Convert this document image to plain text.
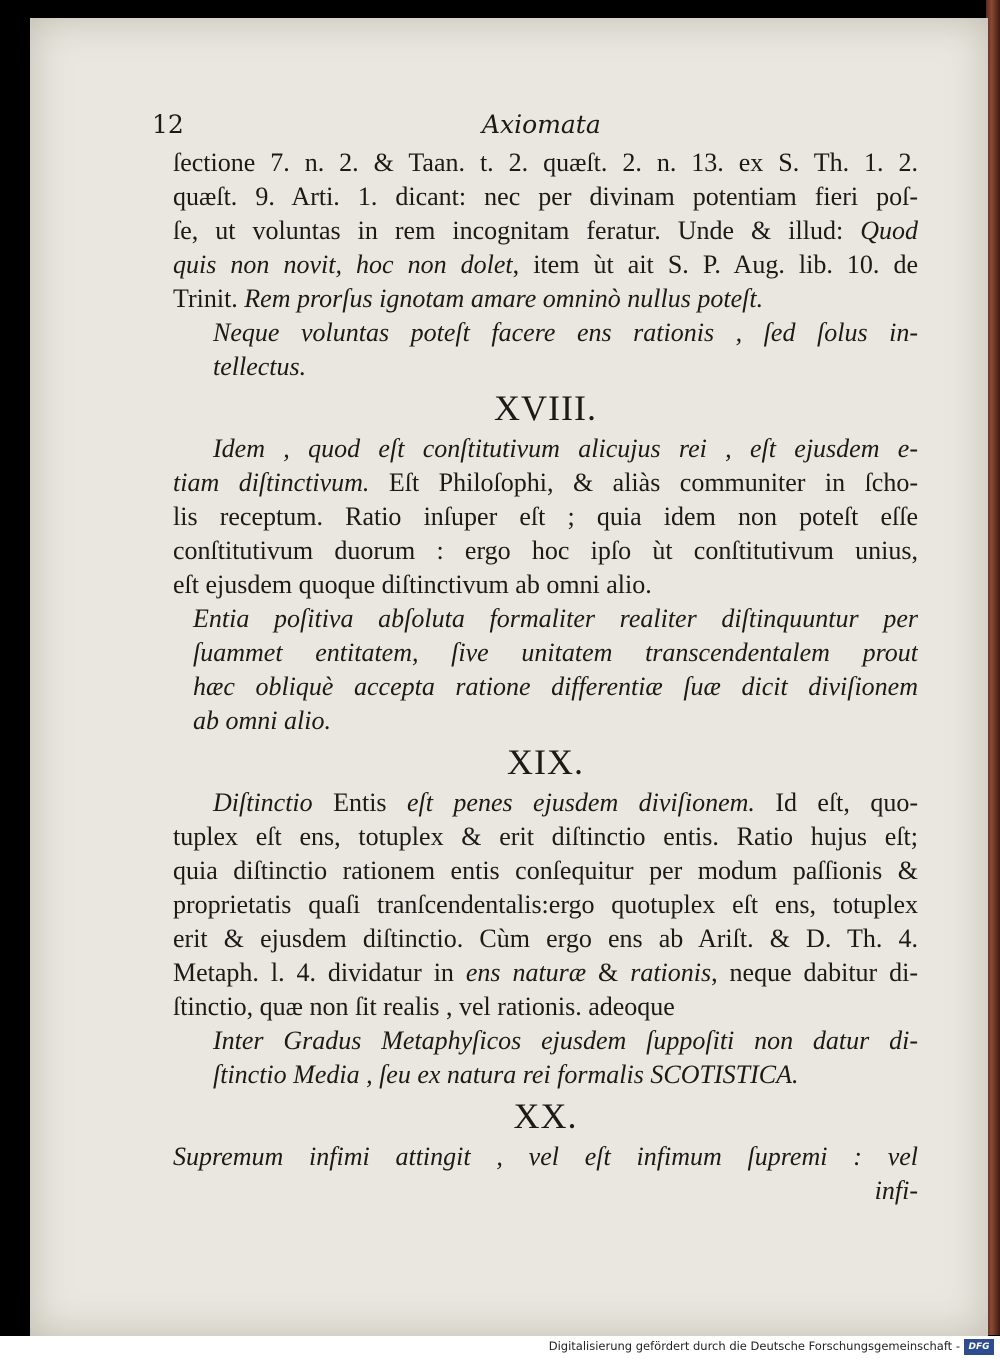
12	Axiomata
ſectione 7. n. 2. & Taan. t. 2. quæſt. 2. n. 13. ex S. Th. 1. 2.
quæſt. 9. Arti. 1. dicant: nec per divinam potentiam fieri poſ-
ſe, ut voluntas in rem incognitam feratur. Unde & illud: Quod
quis non novit, hoc non dolet, item ùt ait S. P. Aug. lib. 10. de
Trinit. Rem prorſus ignotam amare omninò nullus poteſt.
Neque voluntas poteſt facere ens rationis , ſed ſolus in-
tellectus.
XVIII.
Idem , quod eſt conſtitutivum alicujus rei , eſt ejusdem e-
tiam diſtinctivum. Eſt Philoſophi, & aliàs communiter in ſcho-
lis receptum. Ratio inſuper eſt ; quia idem non poteſt eſſe
conſtitutivum duorum : ergo hoc ipſo ùt conſtitutivum unius,
eſt ejusdem quoque diſtinctivum ab omni alio.
Entia poſitiva abſoluta formaliter realiter diſtinquuntur per
ſuammet entitatem, ſive unitatem transcendentalem prout
hæc obliquè accepta ratione differentiæ ſuæ dicit diviſionem
ab omni alio.
XIX.
Diſtinctio Entis eſt penes ejusdem diviſionem. Id eſt, quo-
tuplex eſt ens, totuplex & erit diſtinctio entis. Ratio hujus eſt;
quia diſtinctio rationem entis conſequitur per modum paſſionis &
proprietatis quaſi tranſcendentalis:ergo quotuplex eſt ens, totuplex
erit & ejusdem diſtinctio. Cùm ergo ens ab Ariſt. & D. Th. 4.
Metaph. l. 4. dividatur in ens naturæ & rationis, neque dabitur di-
ſtinctio, quæ non ſit realis , vel rationis. adeoque
Inter Gradus Metaphyſicos ejusdem ſuppoſiti non datur di-
ſtinctio Media , ſeu ex natura rei formalis SCOTISTICA.
XX.
Supremum infimi attingit , vel eſt infimum ſupremi : vel
infi-
Digitalisierung gefördert durch die Deutsche Forschungsgemeinschaft - DFG
